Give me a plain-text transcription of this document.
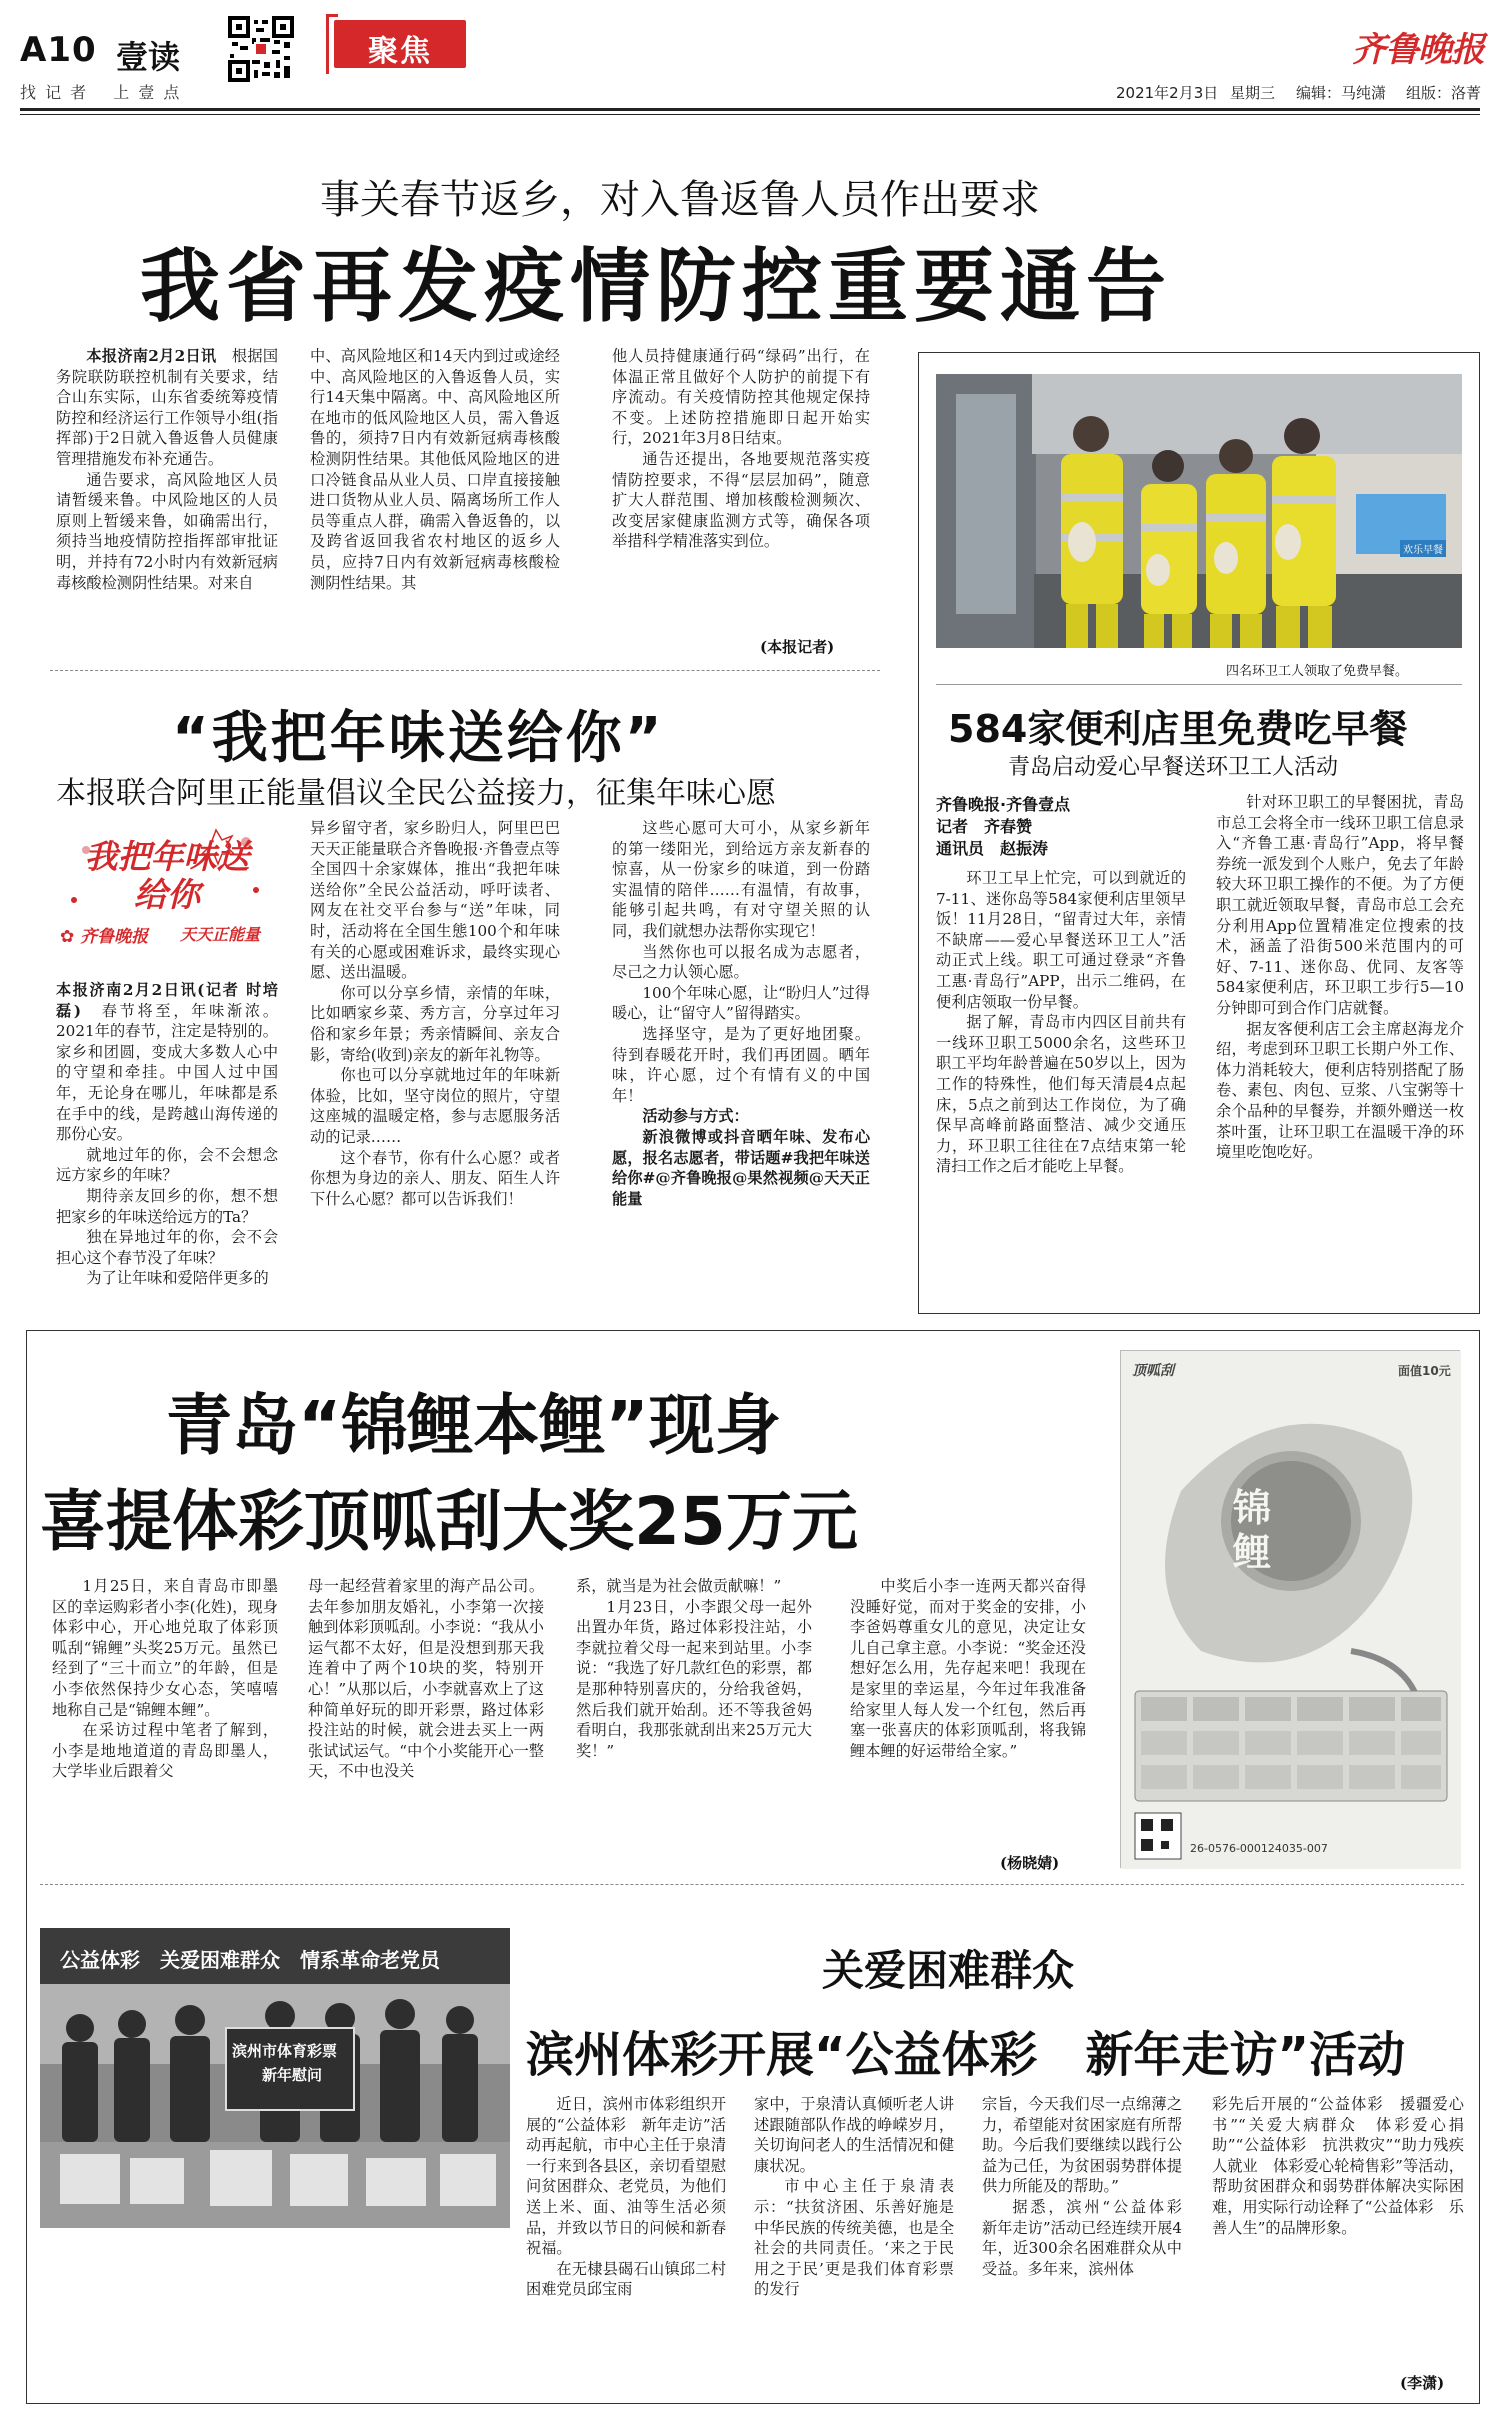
A10 壹读
找 记 者　 上 壹 点
聚焦	齐鲁晚报
2021年2月3日 星期三 编辑：马纯潇 组版：洛菁
事关春节返乡，对入鲁返鲁人员作出要求
我省再发疫情防控重要通告

本报济南2月2日讯　 根据国务院联防联控机制有关要求，结合山东实际，山东省委统筹疫情防控和经济运行工作领导小组(指挥部)于2日就入鲁返鲁人员健康管理措施发布补充通告。

通告要求，高风险地区人员请暂缓来鲁。中风险地区的人员原则上暂缓来鲁，如确需出行，须持当地疫情防控指挥部审批证明，并持有72小时内有效新冠病毒核酸检测阴性结果。对来自

中、高风险地区和14天内到过或途经中、高风险地区的入鲁返鲁人员，实行14天集中隔离。中、高风险地区所在地市的低风险地区人员，需入鲁返鲁的，须持7日内有效新冠病毒核酸检测阴性结果。其他低风险地区的进口冷链食品从业人员、口岸直接接触进口货物从业人员、隔离场所工作人员等重点人群，确需入鲁返鲁的，以及跨省返回我省农村地区的返乡人员，应持7日内有效新冠病毒核酸检测阴性结果。其

他人员持健康通行码“绿码”出行，在体温正常且做好个人防护的前提下有序流动。有关疫情防控其他规定保持不变。上述防控措施即日起开始实行，2021年3月8日结束。

通告还提出，各地要规范落实疫情防控要求，不得“层层加码”，随意扩大人群范围、增加核酸检测频次、改变居家健康监测方式等，确保各项举措科学精准落实到位。

(本报记者)
“我把年味送给你”
本报联合阿里正能量倡议全民公益接力，征集年味心愿
我把年味送给你
✿ 齐鲁晚报 天天正能量

本报济南2月2日讯(记者 时培磊)　 春节将至，年味渐浓。2021年的春节，注定是特别的。家乡和团圆，变成大多数人心中的守望和牵挂。中国人过中国年，无论身在哪儿，年味都是系在手中的线，是跨越山海传递的那份心安。

就地过年的你，会不会想念远方家乡的年味？

期待亲友回乡的你，想不想把家乡的年味送给远方的Ta？

独在异地过年的你，会不会担心这个春节没了年味？

为了让年味和爱陪伴更多的

异乡留守者，家乡盼归人，阿里巴巴天天正能量联合齐鲁晚报·齐鲁壹点等全国四十余家媒体，推出“我把年味送给你”全民公益活动，呼吁读者、网友在社交平台参与“送”年味，同时，活动将在全国生態100个和年味有关的心愿或困难诉求，最终实现心愿、送出温暖。

你可以分享乡情，亲情的年味，比如晒家乡菜、秀方言，分享过年习俗和家乡年景；秀亲情瞬间、亲友合影，寄给(收到)亲友的新年礼物等。

你也可以分享就地过年的年味新体验，比如，坚守岗位的照片，守望这座城的温暖定格，参与志愿服务活动的记录……

这个春节，你有什么心愿？或者你想为身边的亲人、朋友、陌生人许下什么心愿？都可以告诉我们！

这些心愿可大可小，从家乡新年的第一缕阳光，到给远方亲友新春的惊喜，从一份家乡的味道，到一份踏实温情的陪伴……有温情，有故事，能够引起共鸣，有对守望关照的认同，我们就想办法帮你实现它！

当然你也可以报名成为志愿者，尽己之力认领心愿。

100个年味心愿，让“盼归人”过得暖心，让“留守人”留得踏实。

选择坚守，是为了更好地团聚。待到春暖花开时，我们再团圆。晒年味，许心愿，过个有情有义的中国年！

活动参与方式：

新浪微博或抖音晒年味、发布心愿，报名志愿者，带话题#我把年味送给你#@齐鲁晚报@果然视频@天天正能量

欢乐早餐
四名环卫工人领取了免费早餐。
584家便利店里免费吃早餐
青岛启动爱心早餐送环卫工人活动
齐鲁晚报·齐鲁壹点
记者　齐春赞
通讯员　赵振涛

环卫工早上忙完，可以到就近的7-11、迷你岛等584家便利店里领早饭！11月28日，“留青过大年，亲情不缺席——爱心早餐送环卫工人”活动正式上线。职工可通过登录“齐鲁工惠·青岛行”APP，出示二维码，在便利店领取一份早餐。

据了解，青岛市内四区目前共有一线环卫职工5000余名，这些环卫职工平均年龄普遍在50岁以上，因为工作的特殊性，他们每天清晨4点起床，5点之前到达工作岗位，为了确保早高峰前路面整洁、减少交通压力，环卫职工往往在7点结束第一轮清扫工作之后才能吃上早餐。

针对环卫职工的早餐困扰，青岛市总工会将全市一线环卫职工信息录入“齐鲁工惠·青岛行”App，将早餐券统一派发到个人账户，免去了年龄较大环卫职工操作的不便。为了方便职工就近领取早餐，青岛市总工会充分利用App位置精准定位搜索的技术，涵盖了沿街500米范围内的可好、7-11、迷你岛、优同、友客等584家便利店，环卫职工步行5—10分钟即可到合作门店就餐。

据友客便利店工会主席赵海龙介绍，考虑到环卫职工长期户外工作、体力消耗较大，便利店特别搭配了肠卷、素包、肉包、豆浆、八宝粥等十余个品种的早餐券，并额外赠送一枚茶叶蛋，让环卫职工在温暖干净的环境里吃饱吃好。

青岛“锦鲤本鲤”现身
喜提体彩顶呱刮大奖25万元

1月25日，来自青岛市即墨区的幸运购彩者小李(化姓)，现身体彩中心，开心地兑取了体彩顶呱刮“锦鲤”头奖25万元。虽然已经到了“三十而立”的年龄，但是小李依然保持少女心态，笑嘻嘻地称自己是“锦鲤本鲤”。

在采访过程中笔者了解到，小李是地地道道的青岛即墨人，大学毕业后跟着父

母一起经营着家里的海产品公司。去年参加朋友婚礼，小李第一次接触到体彩顶呱刮。小李说：“我从小运气都不太好，但是没想到那天我连着中了两个10块的奖，特别开心！”从那以后，小李就喜欢上了这种简单好玩的即开彩票，路过体彩投注站的时候，就会进去买上一两张试试运气。“中个小奖能开心一整天，不中也没关

系，就当是为社会做贡献嘛！”

1月23日，小李跟父母一起外出置办年货，路过体彩投注站，小李就拉着父母一起来到站里。小李说：“我选了好几款红色的彩票，都是那种特别喜庆的，分给我爸妈，然后我们就开始刮。还不等我爸妈看明白，我那张就刮出来25万元大奖！”

中奖后小李一连两天都兴奋得没睡好觉，而对于奖金的安排，小李爸妈尊重女儿的意见，决定让女儿自己拿主意。小李说：“奖金还没想好怎么用，先存起来吧！我现在是家里的幸运星，今年过年我准备给家里人每人发一个红包，然后再塞一张喜庆的体彩顶呱刮，将我锦鲤本鲤的好运带给全家。”

(杨晓婧)
顶呱刮	面值10元
锦鲤
26-0576-000124035-007
公益体彩　关爱困难群众　情系革命老党员
滨州市体育彩票
新年慰问
关爱困难群众
滨州体彩开展“公益体彩　新年走访”活动

近日，滨州市体彩组织开展的“公益体彩　新年走访”活动再起航，市中心主任于泉清一行来到各县区，亲切看望慰问贫困群众、老党员，为他们送上米、面、油等生活必须品，并致以节日的问候和新春祝福。

在无棣县碣石山镇邱二村困难党员邱宝雨

家中，于泉清认真倾听老人讲述跟随部队作战的峥嵘岁月，关切询问老人的生活情况和健康状况。

市中心主任于泉清表示：“扶贫济困、乐善好施是中华民族的传统美德，也是全社会的共同责任。‘来之于民　用之于民’更是我们体育彩票的发行

宗旨，今天我们尽一点绵薄之力，希望能对贫困家庭有所帮助。今后我们要继续以践行公益为己任，为贫困弱势群体提供力所能及的帮助。”

据悉，滨州“公益体彩　新年走访”活动已经连续开展4年，近300余名困难群众从中受益。多年来，滨州体

彩先后开展的“公益体彩　援疆爱心书”“关爱大病群众　体彩爱心捐助”“公益体彩　抗洪救灾”“助力残疾人就业　体彩爱心轮椅售彩”等活动，帮助贫困群众和弱势群体解决实际困难，用实际行动诠释了“公益体彩　乐善人生”的品牌形象。

(李潇)
